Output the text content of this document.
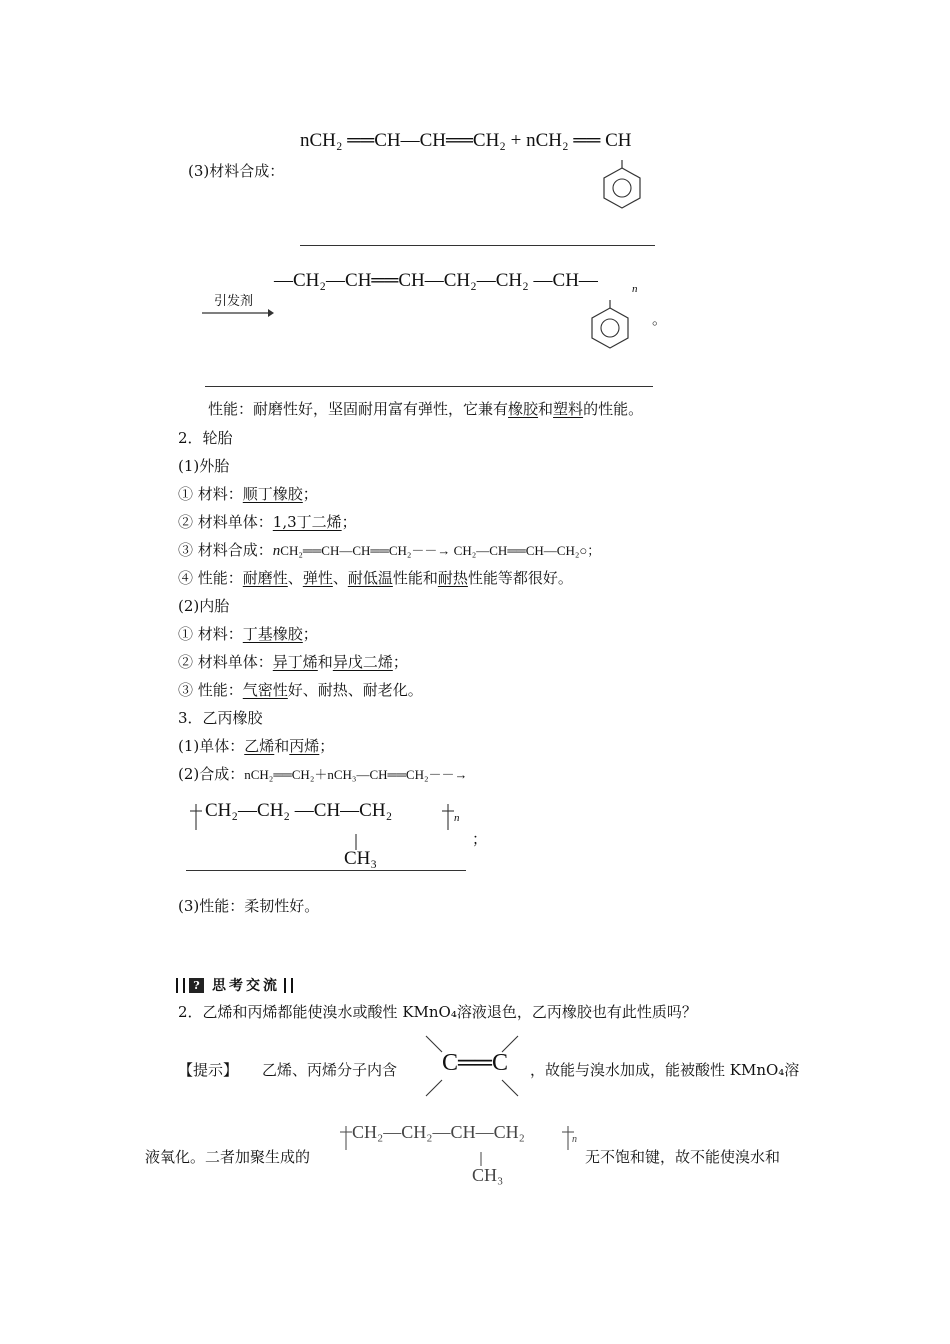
(3)材料合成：
nCH₂ ══CH—CH══CH₂ + nCH₂ ══ CH
引发剂
—CH₂—CH══CH—CH₂—CH₂ —CH—	n
。
性能：耐磨性好，坚固耐用富有弹性，它兼有橡胶和塑料的性能。
2．轮胎
(1)外胎
① 材料：顺丁橡胶；
② 材料单体：1,3丁二烯；
③ 材料合成：nCH₂══CH—CH══CH₂－－→ CH₂—CH══CH—CH₂○；
④ 性能：耐磨性、弹性、耐低温性能和耐热性能等都很好。
(2)内胎
① 材料：丁基橡胶；
② 材料单体：异丁烯和异戊二烯；
③ 性能：气密性好、耐热、耐老化。
3．乙丙橡胶
(1)单体：乙烯和丙烯；
(2)合成：nCH₂══CH₂＋nCH₃—CH══CH₂－－→
CH₂—CH₂ —CH—CH₂	n
CH₃
；
(3)性能：柔韧性好。
? 思考交流
2．乙烯和丙烯都能使溴水或酸性 KMnO₄溶液退色，乙丙橡胶也有此性质吗？
【提示】 乙烯、丙烯分子内含 C══C ，故能与溴水加成，能被酸性 KMnO₄溶
液氧化。二者加聚生成的
CH₂—CH₂—CH—CH₂	n
CH₃
无不饱和键，故不能使溴水和
